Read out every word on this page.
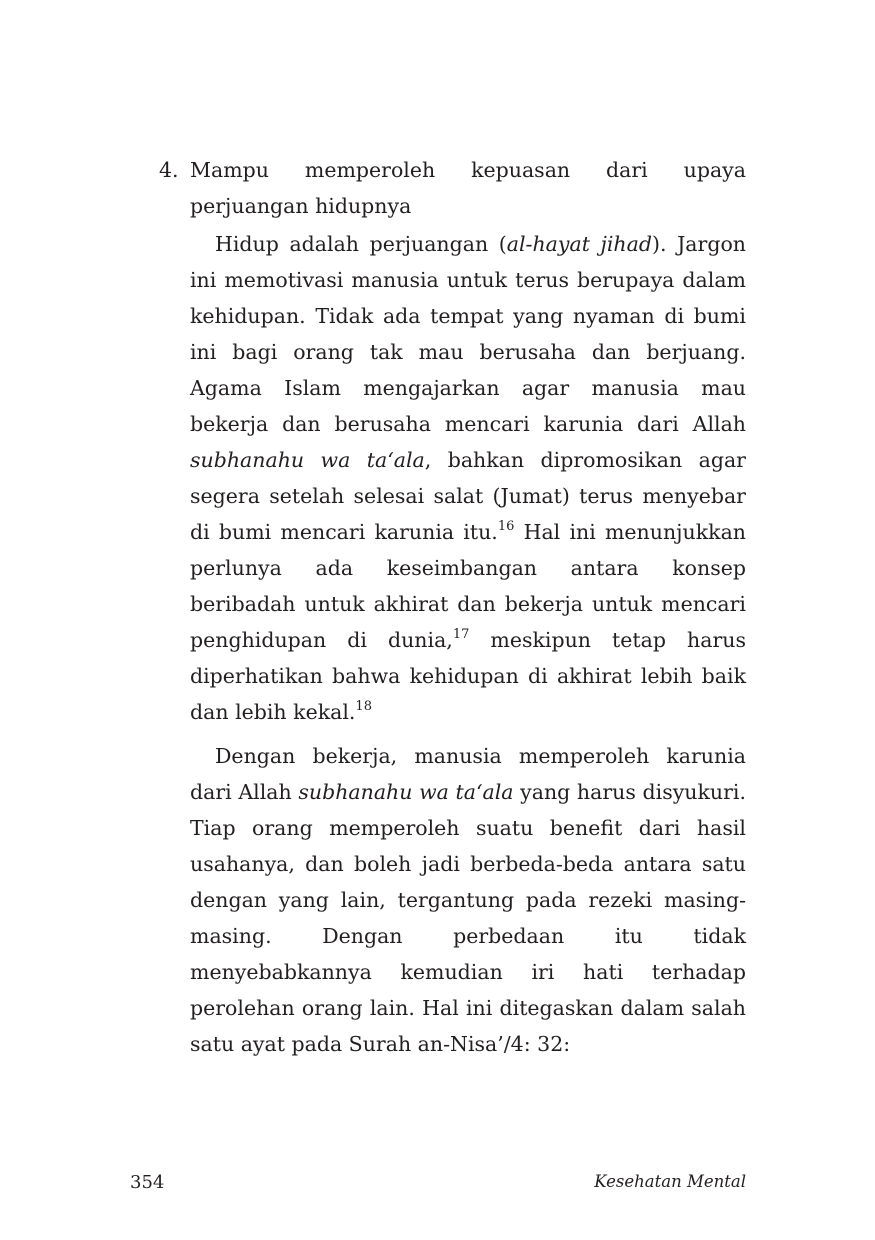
4. Mampu memperoleh kepuasan dari upaya perjuangan hidupnya

Hidup adalah perjuangan (al-hayat jihad). Jargon ini memotivasi manusia untuk terus berupaya dalam kehidupan. Tidak ada tempat yang nyaman di bumi ini bagi orang tak mau berusaha dan berjuang. Agama Islam mengajarkan agar manusia mau bekerja dan berusaha mencari karunia dari Allah subhanahu wa ta‘ala, bahkan dipromosikan agar segera setelah selesai salat (Jumat) terus menyebar di bumi mencari karunia itu.$^{16}$ Hal ini menunjukkan perlunya ada keseimbangan antara konsep beribadah untuk akhirat dan bekerja untuk mencari penghidupan di dunia,$^{17}$ meskipun tetap harus diperhatikan bahwa kehidupan di akhirat lebih baik dan lebih kekal.$^{18}$

Dengan bekerja, manusia memperoleh karunia dari Allah subhanahu wa ta‘ala yang harus disyukuri. Tiap orang memperoleh suatu benefit dari hasil usahanya, dan boleh jadi berbeda-beda antara satu dengan yang lain, tergantung pada rezeki masing-masing. Dengan perbedaan itu tidak menyebabkannya kemudian iri hati terhadap perolehan orang lain. Hal ini ditegaskan dalam salah satu ayat pada Surah an-Nisa’/4: 32:

354	Kesehatan Mental
